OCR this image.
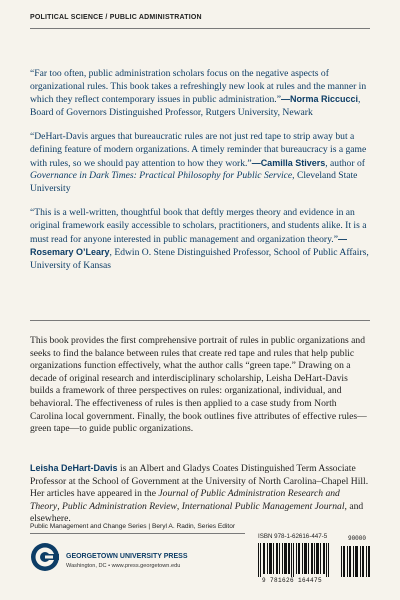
POLITICAL SCIENCE / PUBLIC ADMINISTRATION

“Far too often, public administration scholars focus on the negative aspects of organizational rules. This book takes a refreshingly new look at rules and the manner in which they reflect contemporary issues in public administration.”—Norma Riccucci, Board of Governors Distinguished Professor, Rutgers University, Newark

“DeHart-Davis argues that bureaucratic rules are not just red tape to strip away but a defining feature of modern organizations. A timely reminder that bureaucracy is a game with rules, so we should pay attention to how they work.”—Camilla Stivers, author of Governance in Dark Times: Practical Philosophy for Public Service, Cleveland State University

“This is a well-written, thoughtful book that deftly merges theory and evidence in an original framework easily accessible to scholars, practitioners, and students alike. It is a must read for anyone interested in public management and organization theory.”—Rosemary O’Leary, Edwin O. Stene Distinguished Professor, School of Public Affairs, University of Kansas

This book provides the first comprehensive portrait of rules in public organizations and seeks to find the balance between rules that create red tape and rules that help public organizations function effectively, what the author calls “green tape.” Drawing on a decade of original research and interdisciplinary scholarship, Leisha DeHart-Davis builds a framework of three perspectives on rules: organizational, individual, and behavioral. The effectiveness of rules is then applied to a case study from North Carolina local government. Finally, the book outlines five attributes of effective rules—green tape—to guide public organizations.

Leisha DeHart-Davis is an Albert and Gladys Coates Distinguished Term Associate Professor at the School of Government at the University of North Carolina–Chapel Hill. Her articles have appeared in the Journal of Public Administration Research and Theory, Public Administration Review, International Public Management Journal, and elsewhere.

Public Management and Change Series | Beryl A. Radin, Series Editor
GEORGETOWN UNIVERSITY PRESS
Washington, DC • www.press.georgetown.edu
ISBN 978-1-62616-447-5
9 781626 164475
90000
